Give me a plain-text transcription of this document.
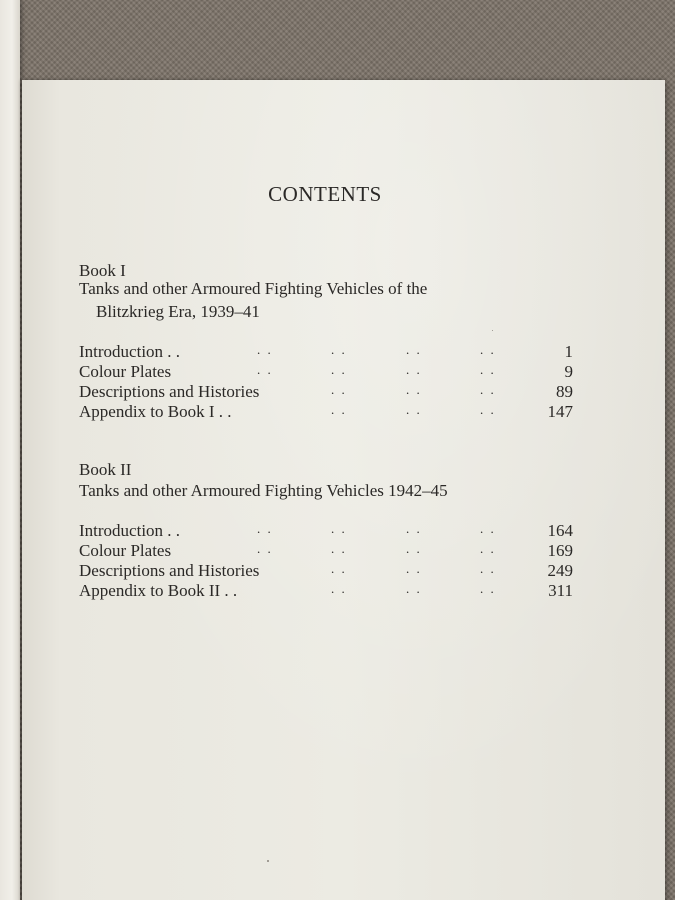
CONTENTS
Book I
Tanks and other Armoured Fighting Vehicles of the
Blitzkrieg Era, 1939–41
Introduction . .	. .	. .	. .	. .	1
Colour Plates	. .	. .	. .	. .	9
Descriptions and Histories	. .	. .	. .	89
Appendix to Book I . .	. .	. .	. .	147
Book II
Tanks and other Armoured Fighting Vehicles 1942–45
Introduction . .	. .	. .	. .	. .	164
Colour Plates	. .	. .	. .	. .	169
Descriptions and Histories	. .	. .	. .	249
Appendix to Book II . .	. .	. .	. .	311
